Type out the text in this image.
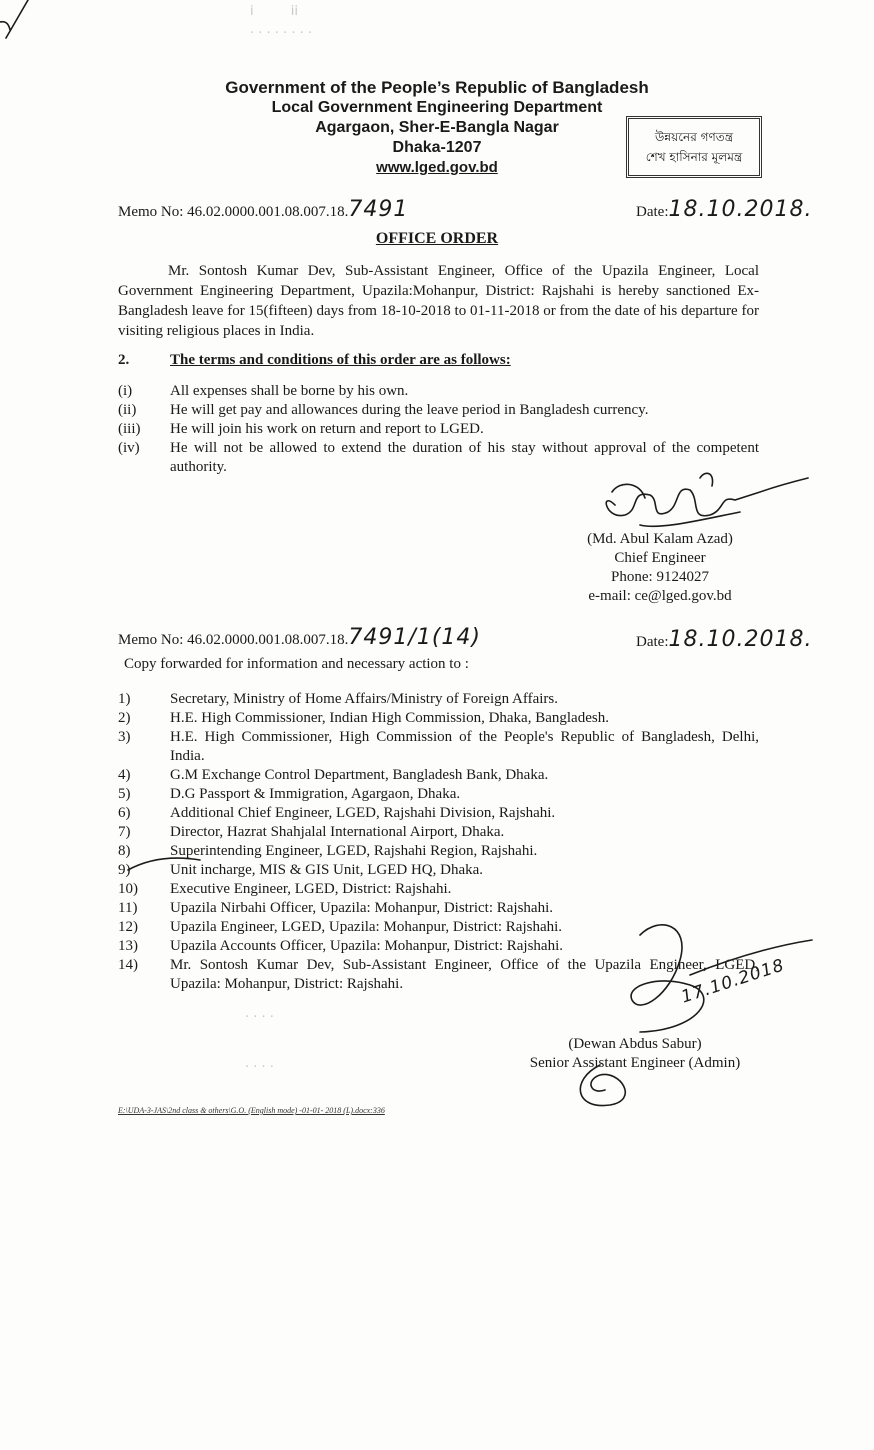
i         ii
· · · · · · · ·
· · · ·
· · · ·
Government of the People’s Republic of Bangladesh
Local Government Engineering Department
Agargaon, Sher-E-Bangla Nagar
Dhaka-1207
www.lged.gov.bd
উন্নয়নের গণতন্ত্র
শেখ হাসিনার মূলমন্ত্র
Memo No: 46.02.0000.001.08.007.18.7491	Date:18.10.2018.
OFFICE ORDER
Mr. Sontosh Kumar Dev, Sub-Assistant Engineer, Office of the Upazila Engineer, Local Government Engineering Department, Upazila:Mohanpur, District: Rajshahi is hereby sanctioned Ex-Bangladesh leave for 15(fifteen) days from 18-10-2018 to 01-11-2018 or from the date of his departure for visiting religious places in India.
2.	The terms and conditions of this order are as follows:
(i)	All expenses shall be borne by his own.
(ii)	He will get pay and allowances during the leave period in Bangladesh currency.
(iii)	He will join his work on return and report to LGED.
(iv)	He will not be allowed to extend the duration of his stay without approval of the competent authority.
(Md. Abul Kalam Azad)
Chief Engineer
Phone: 9124027
e-mail: ce@lged.gov.bd
Memo No: 46.02.0000.001.08.007.18.7491/1(14)	Date:18.10.2018.
Copy forwarded for information and necessary action to :
1)	Secretary, Ministry of Home Affairs/Ministry of Foreign Affairs.
2)	H.E. High Commissioner, Indian High Commission, Dhaka, Bangladesh.
3)	H.E. High Commissioner, High Commission of the People's Republic of Bangladesh, Delhi, India.
4)	G.M Exchange Control Department, Bangladesh Bank, Dhaka.
5)	D.G Passport & Immigration, Agargaon, Dhaka.
6)	Additional Chief Engineer, LGED, Rajshahi Division, Rajshahi.
7)	Director, Hazrat Shahjalal International Airport, Dhaka.
8)	Superintending Engineer, LGED, Rajshahi Region, Rajshahi.
9)	Unit incharge, MIS & GIS Unit, LGED HQ, Dhaka.
10)	Executive Engineer, LGED, District: Rajshahi.
11)	Upazila Nirbahi Officer, Upazila: Mohanpur, District: Rajshahi.
12)	Upazila Engineer, LGED, Upazila: Mohanpur, District: Rajshahi.
13)	Upazila Accounts Officer, Upazila: Mohanpur, District: Rajshahi.
14)	Mr. Sontosh Kumar Dev, Sub-Assistant Engineer, Office of the Upazila Engineer, LGED, Upazila: Mohanpur, District: Rajshahi.
(Dewan Abdus Sabur)
Senior Assistant Engineer (Admin)
17.10.2018
E:\UDA-3-JAS\2nd class & others\G.O. (English mode) -01-01- 2018 (L).docx:336
